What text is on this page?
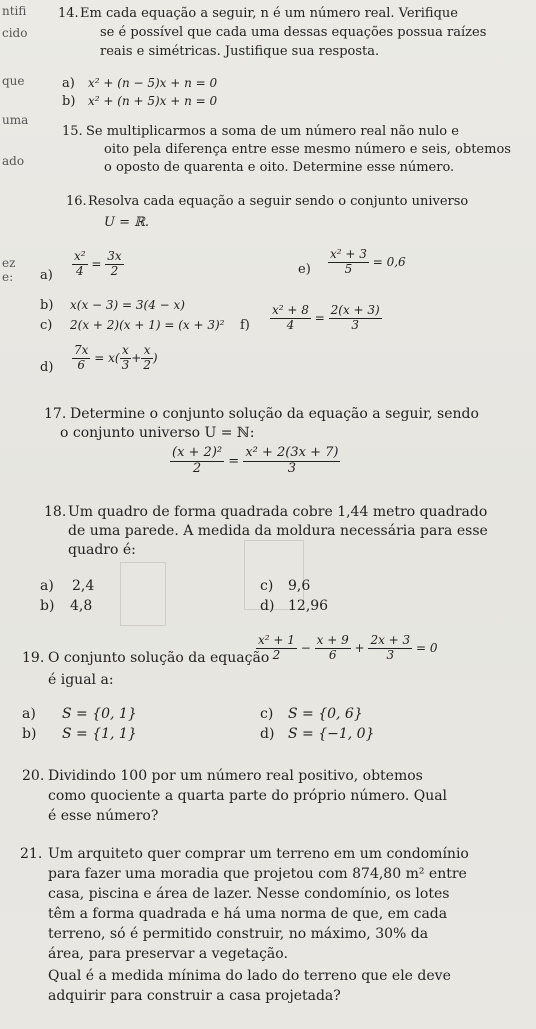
ntifi
cido
que
uma
ado
ez
e:
14. Em cada equação a seguir, n é um número real. Verifique
se é possível que cada uma dessas equações possua raízes
reais e simétricas. Justifique sua resposta.
a) x² + (n − 5)x + n = 0
b) x² + (n + 5)x + n = 0
15. Se multiplicarmos a soma de um número real não nulo e
oito pela diferença entre esse mesmo número e seis, obtemos
o oposto de quarenta e oito. Determine esse número.
16. Resolva cada equação a seguir sendo o conjunto universo
U = ℝ.
$a) \frac{\text{x²}}{4} = \frac{3x}{2}$	$e) \frac{\text{x² + 3}}{5} = 0,6$
b) x(x − 3) = 3(4 − x)
c) 2(x + 2)(x + 1) = (x + 3)² $f) \frac{\text{x² + 8}}{4} = \frac{2(x + 3)}{3}$
$d) \frac{7x}{6} = x( \frac{x}{3} + \frac{x}{2}$ )
17. Determine o conjunto solução da equação a seguir, sendo
o conjunto universo U = ℕ:
$\frac{\text{(x + 2)²}}{2} = \frac{\text{x² + 2(3x + 7)}}{3}$
18. Um quadro de forma quadrada cobre 1,44 metro quadrado
de uma parede. A medida da moldura necessária para esse
quadro é:
a) 2,4
b) 4,8
c) 9,6
d) 12,96
19. O conjunto solução da equação
$\frac{\text{x² + 1}}{2} - \frac{x + 9}{6} + \frac{2x + 3}{3} = 0$
é igual a:
a) S = {0, 1}
b) S = {1, 1}
c) S = {0, 6}
d) S = {−1, 0}
20. Dividindo 100 por um número real positivo, obtemos
como quociente a quarta parte do próprio número. Qual
é esse número?
21. Um arquiteto quer comprar um terreno em um condomínio
para fazer uma moradia que projetou com 874,80 m² entre
casa, piscina e área de lazer. Nesse condomínio, os lotes
têm a forma quadrada e há uma norma de que, em cada
terreno, só é permitido construir, no máximo, 30% da
área, para preservar a vegetação.
Qual é a medida mínima do lado do terreno que ele deve
adquirir para construir a casa projetada?
